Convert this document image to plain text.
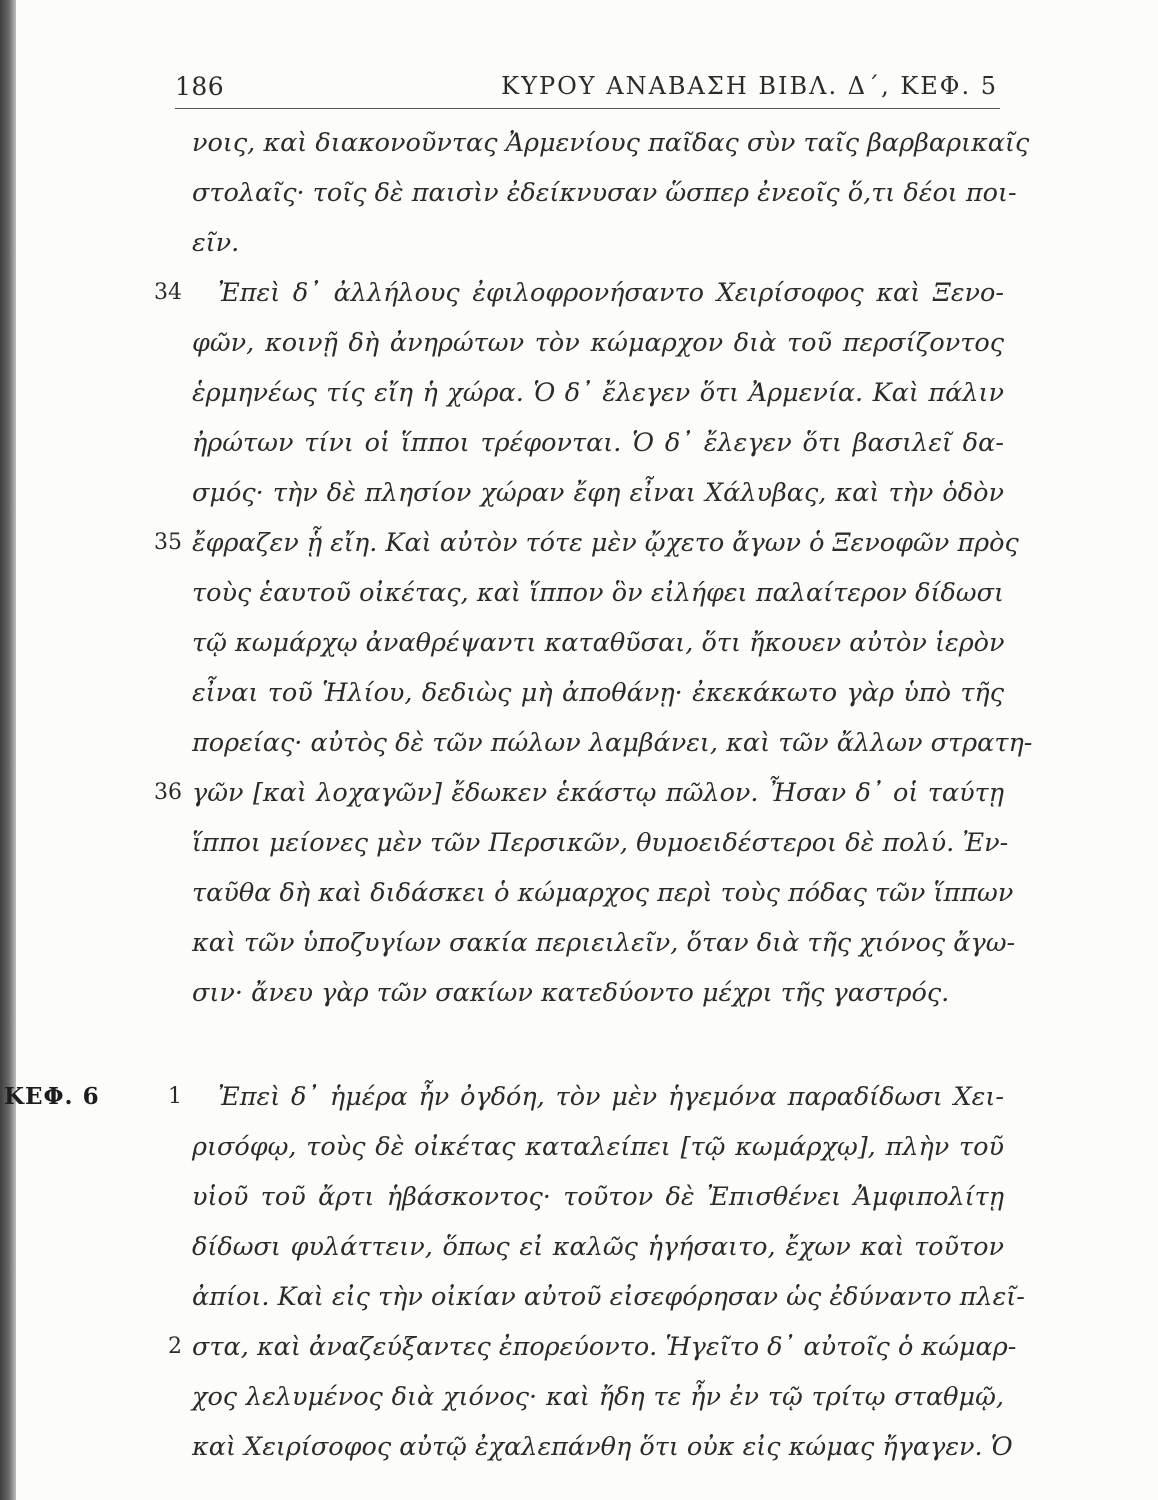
186	ΚΥΡΟΥ ΑΝΑΒΑΣΗ ΒΙΒΛ. Δ΄, ΚΕΦ. 5
νοις, καὶ διακονοῦντας Ἀρμενίους παῖδας σὺν ταῖς βαρβαρικαῖς
στολαῖς· τοῖς δὲ παισὶν ἐδείκνυσαν ὥσπερ ἐνεοῖς ὅ,τι δέοι ποι-
εῖν.
34 Ἐπεὶ δ᾽ ἀλλήλους ἐφιλοφρονήσαντο Χειρίσοφος καὶ Ξενο-
φῶν, κοινῇ δὴ ἀνηρώτων τὸν κώμαρχον διὰ τοῦ περσίζοντος
ἑρμηνέως τίς εἴη ἡ χώρα. Ὁ δ᾽ ἔλεγεν ὅτι Ἀρμενία. Καὶ πάλιν
ἠρώτων τίνι οἱ ἵπποι τρέφονται. Ὁ δ᾽ ἔλεγεν ὅτι βασιλεῖ δα-
σμός· τὴν δὲ πλησίον χώραν ἔφη εἶναι Χάλυβας, καὶ τὴν ὁδὸν
35 ἔφραζεν ᾗ εἴη. Καὶ αὐτὸν τότε μὲν ᾤχετο ἄγων ὁ Ξενοφῶν πρὸς
τοὺς ἑαυτοῦ οἰκέτας, καὶ ἵππον ὃν εἰλήφει παλαίτερον δίδωσι
τῷ κωμάρχῳ ἀναθρέψαντι καταθῦσαι, ὅτι ἤκουεν αὐτὸν ἱερὸν
εἶναι τοῦ Ἡλίου, δεδιὼς μὴ ἀποθάνῃ· ἐκεκάκωτο γὰρ ὑπὸ τῆς
πορείας· αὐτὸς δὲ τῶν πώλων λαμβάνει, καὶ τῶν ἄλλων στρατη-
36 γῶν [καὶ λοχαγῶν] ἔδωκεν ἑκάστῳ πῶλον. Ἦσαν δ᾽ οἱ ταύτῃ
ἵπποι μείονες μὲν τῶν Περσικῶν, θυμοειδέστεροι δὲ πολύ. Ἐν-
ταῦθα δὴ καὶ διδάσκει ὁ κώμαρχος περὶ τοὺς πόδας τῶν ἵππων
καὶ τῶν ὑποζυγίων σακία περιειλεῖν, ὅταν διὰ τῆς χιόνος ἄγω-
σιν· ἄνευ γὰρ τῶν σακίων κατεδύοντο μέχρι τῆς γαστρός.
ΚΕΦ. 6	1 Ἐπεὶ δ᾽ ἡμέρα ἦν ὀγδόη, τὸν μὲν ἡγεμόνα παραδίδωσι Χει-
ρισόφῳ, τοὺς δὲ οἰκέτας καταλείπει [τῷ κωμάρχῳ], πλὴν τοῦ
υἱοῦ τοῦ ἄρτι ἡβάσκοντος· τοῦτον δὲ Ἐπισθένει Ἀμφιπολίτῃ
δίδωσι φυλάττειν, ὅπως εἰ καλῶς ἡγήσαιτο, ἔχων καὶ τοῦτον
ἀπίοι. Καὶ εἰς τὴν οἰκίαν αὐτοῦ εἰσεφόρησαν ὡς ἐδύναντο πλεῖ-
2 στα, καὶ ἀναζεύξαντες ἐπορεύοντο. Ἡγεῖτο δ᾽ αὐτοῖς ὁ κώμαρ-
χος λελυμένος διὰ χιόνος· καὶ ἤδη τε ἦν ἐν τῷ τρίτῳ σταθμῷ,
καὶ Χειρίσοφος αὐτῷ ἐχαλεπάνθη ὅτι οὐκ εἰς κώμας ἤγαγεν. Ὁ
